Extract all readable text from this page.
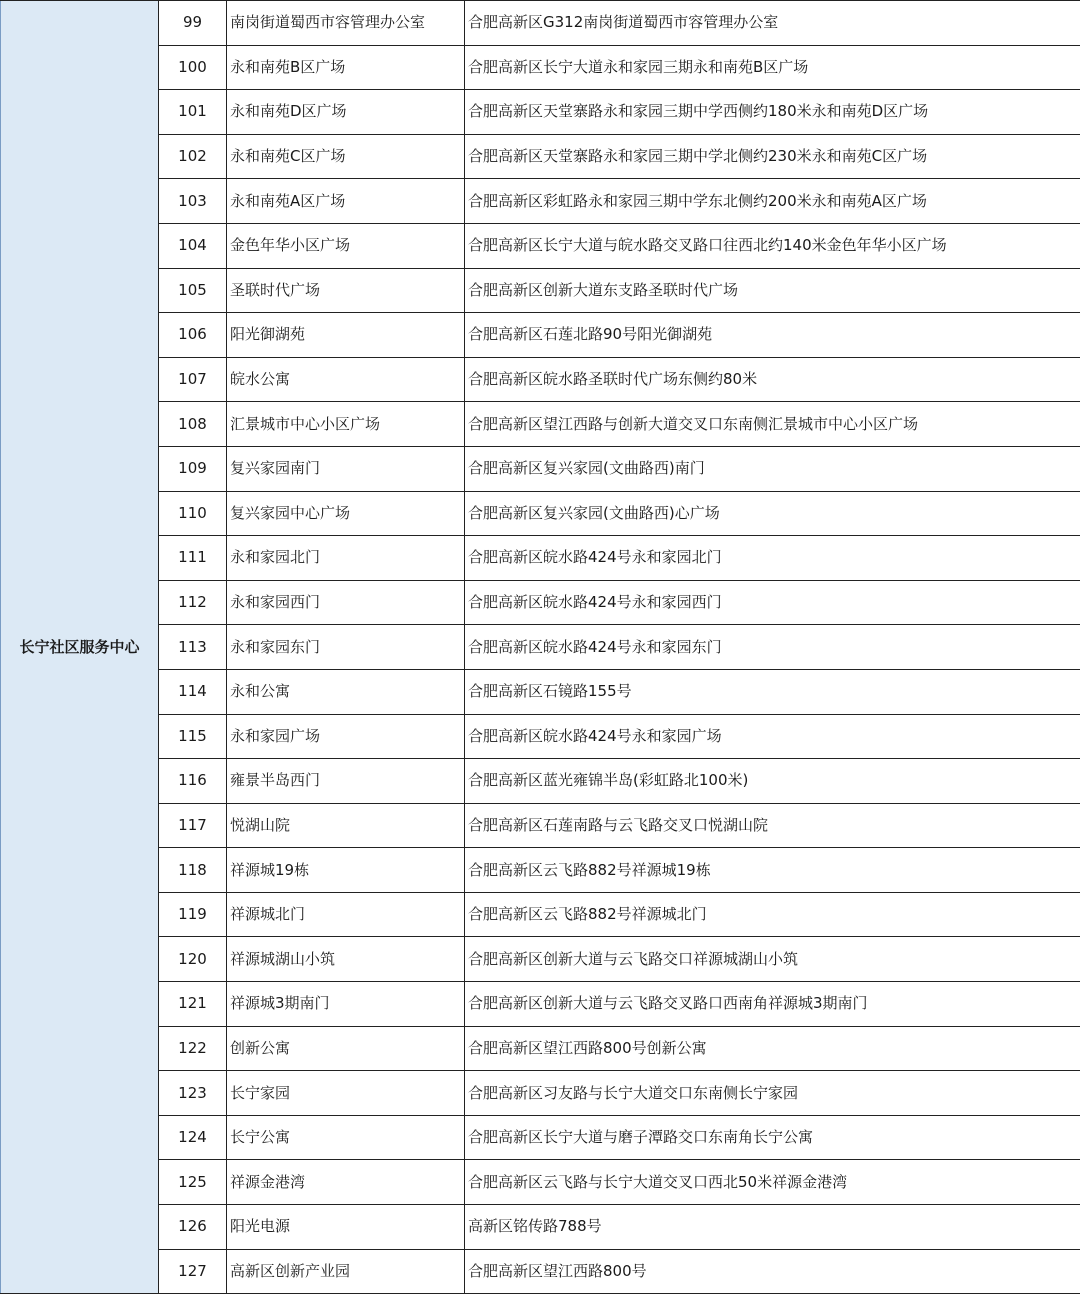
长宁社区服务中心	99	南岗街道蜀西市容管理办公室	合肥高新区G312南岗街道蜀西市容管理办公室
	100	永和南苑B区广场	合肥高新区长宁大道永和家园三期永和南苑B区广场
	101	永和南苑D区广场	合肥高新区天堂寨路永和家园三期中学西侧约180米永和南苑D区广场
	102	永和南苑C区广场	合肥高新区天堂寨路永和家园三期中学北侧约230米永和南苑C区广场
	103	永和南苑A区广场	合肥高新区彩虹路永和家园三期中学东北侧约200米永和南苑A区广场
	104	金色年华小区广场	合肥高新区长宁大道与皖水路交叉路口往西北约140米金色年华小区广场
	105	圣联时代广场	合肥高新区创新大道东支路圣联时代广场
	106	阳光御湖苑	合肥高新区石莲北路90号阳光御湖苑
	107	皖水公寓	合肥高新区皖水路圣联时代广场东侧约80米
	108	汇景城市中心小区广场	合肥高新区望江西路与创新大道交叉口东南侧汇景城市中心小区广场
	109	复兴家园南门	合肥高新区复兴家园(文曲路西)南门
	110	复兴家园中心广场	合肥高新区复兴家园(文曲路西)心广场
	111	永和家园北门	合肥高新区皖水路424号永和家园北门
	112	永和家园西门	合肥高新区皖水路424号永和家园西门
	113	永和家园东门	合肥高新区皖水路424号永和家园东门
	114	永和公寓	合肥高新区石镜路155号
	115	永和家园广场	合肥高新区皖水路424号永和家园广场
	116	雍景半岛西门	合肥高新区蓝光雍锦半岛(彩虹路北100米)
	117	悦湖山院	合肥高新区石莲南路与云飞路交叉口悦湖山院
	118	祥源城19栋	合肥高新区云飞路882号祥源城19栋
	119	祥源城北门	合肥高新区云飞路882号祥源城北门
	120	祥源城湖山小筑	合肥高新区创新大道与云飞路交口祥源城湖山小筑
	121	祥源城3期南门	合肥高新区创新大道与云飞路交叉路口西南角祥源城3期南门
	122	创新公寓	合肥高新区望江西路800号创新公寓
	123	长宁家园	合肥高新区习友路与长宁大道交口东南侧长宁家园
	124	长宁公寓	合肥高新区长宁大道与磨子潭路交口东南角长宁公寓
	125	祥源金港湾	合肥高新区云飞路与长宁大道交叉口西北50米祥源金港湾
	126	阳光电源	高新区铭传路788号
	127	高新区创新产业园	合肥高新区望江西路800号
